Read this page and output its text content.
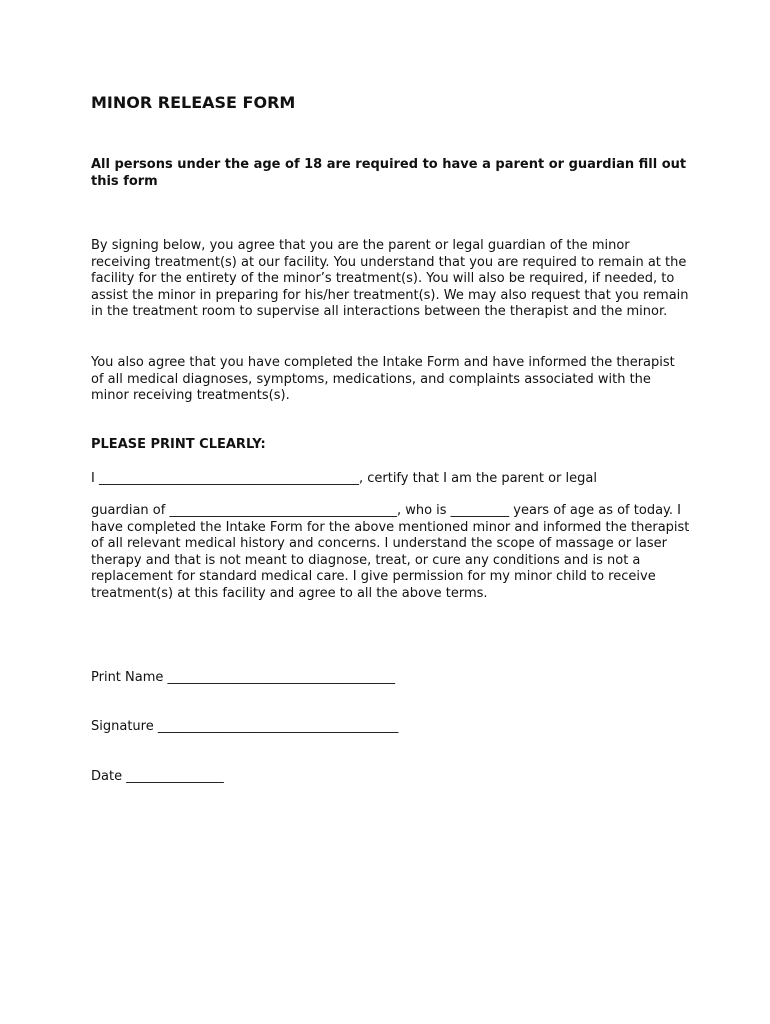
MINOR RELEASE FORM

All persons under the age of 18 are required to have a parent or guardian fill out this form

By signing below, you agree that you are the parent or legal guardian of the minor receiving treatment(s) at our facility. You understand that you are required to remain at the facility for the entirety of the minor’s treatment(s). You will also be required, if needed, to assist the minor in preparing for his/her treatment(s). We may also request that you remain in the treatment room to supervise all interactions between the therapist and the minor.

You also agree that you have completed the Intake Form and have informed the therapist of all medical diagnoses, symptoms, medications, and complaints associated with the minor receiving treatments(s).

PLEASE PRINT CLEARLY:

I ________________________________________, certify that I am the parent or legal

guardian of ___________________________________, who is _________ years of age as of today. I have completed the Intake Form for the above mentioned minor and informed the therapist of all relevant medical history and concerns. I understand the scope of massage or laser therapy and that is not meant to diagnose, treat, or cure any conditions and is not a replacement for standard medical care. I give permission for my minor child to receive treatment(s) at this facility and agree to all the above terms.

Print Name ___________________________________

Signature _____________________________________

Date _______________
